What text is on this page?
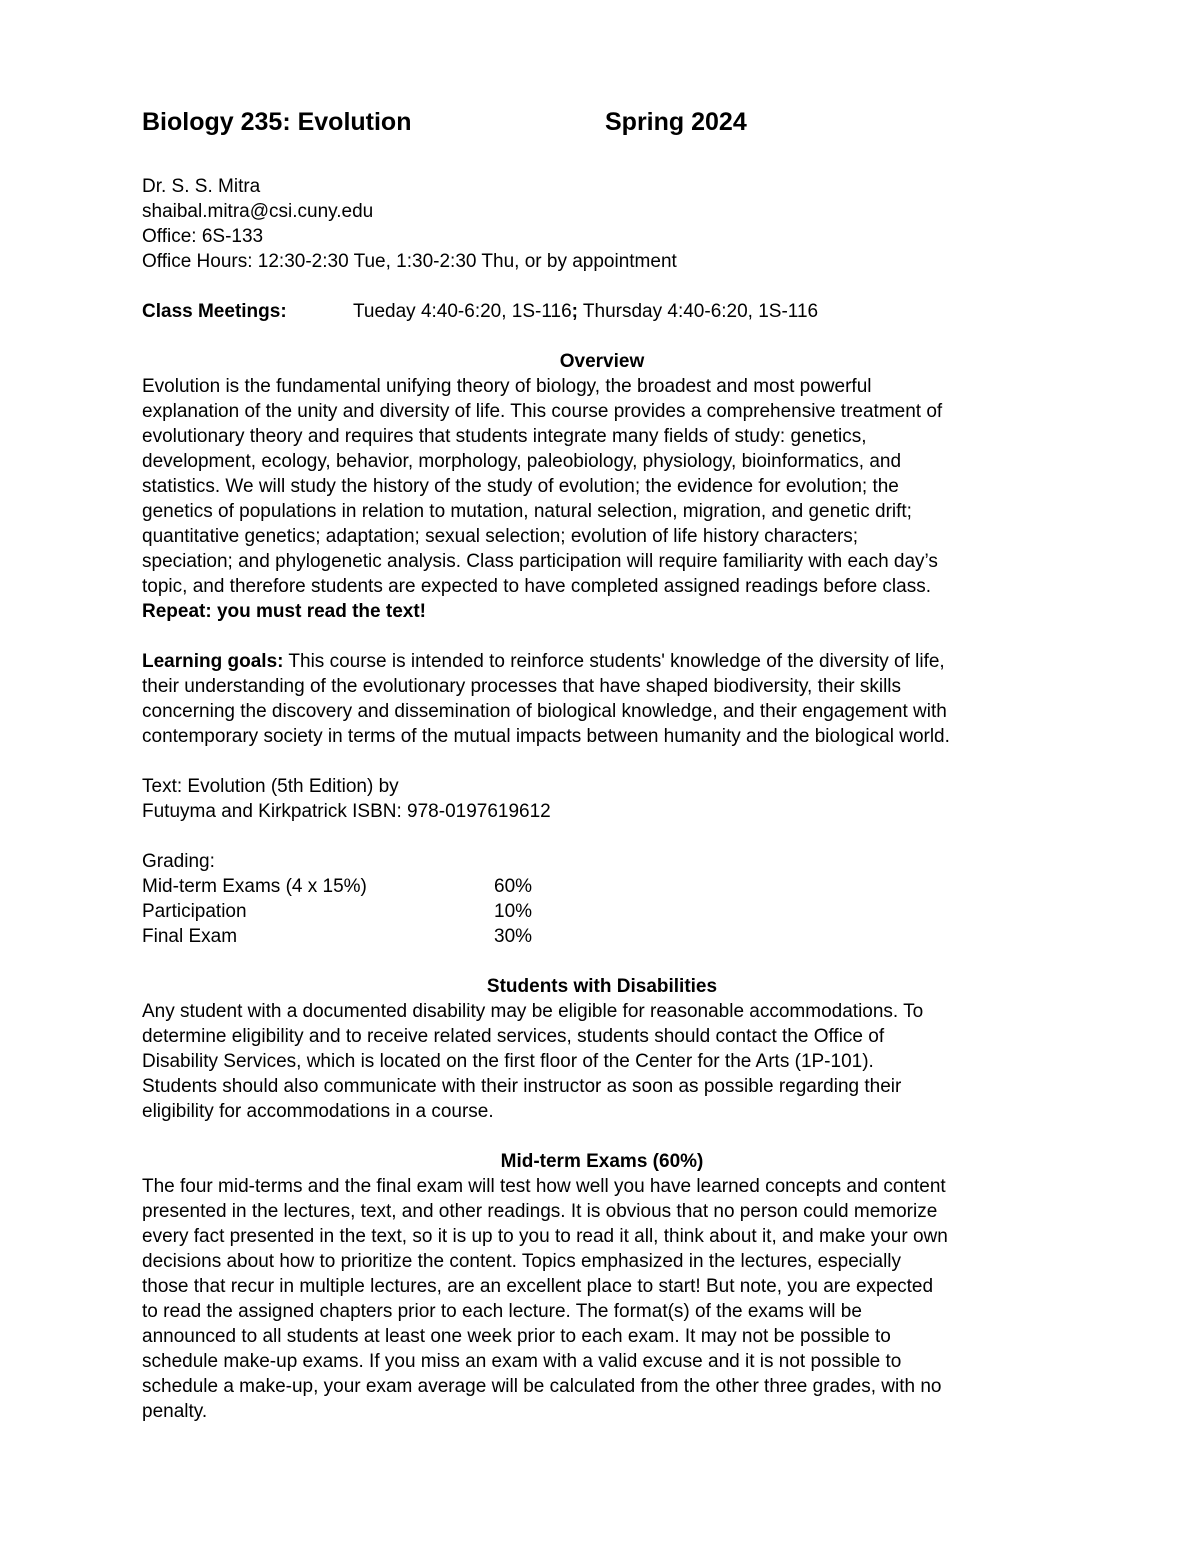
Biology 235: Evolution	Spring 2024
Dr. S. S. Mitra
shaibal.mitra@csi.cuny.edu
Office: 6S-133
Office Hours: 12:30-2:30 Tue, 1:30-2:30 Thu, or by appointment
Class Meetings:	Tueday 4:40-6:20, 1S-116; Thursday 4:40-6:20, 1S-116
Overview
Evolution is the fundamental unifying theory of biology, the broadest and most powerful
explanation of the unity and diversity of life. This course provides a comprehensive treatment of
evolutionary theory and requires that students integrate many fields of study: genetics,
development, ecology, behavior, morphology, paleobiology, physiology, bioinformatics, and
statistics. We will study the history of the study of evolution; the evidence for evolution; the
genetics of populations in relation to mutation, natural selection, migration, and genetic drift;
quantitative genetics; adaptation; sexual selection; evolution of life history characters;
speciation; and phylogenetic analysis. Class participation will require familiarity with each day’s
topic, and therefore students are expected to have completed assigned readings before class.
Repeat: you must read the text!
Learning goals: This course is intended to reinforce students' knowledge of the diversity of life,
their understanding of the evolutionary processes that have shaped biodiversity, their skills
concerning the discovery and dissemination of biological knowledge, and their engagement with
contemporary society in terms of the mutual impacts between humanity and the biological world.
Text: Evolution (5th Edition) by
Futuyma and Kirkpatrick ISBN: 978-0197619612
Grading:
Mid-term Exams (4 x 15%)	60%
Participation	10%
Final Exam	30%
Students with Disabilities
Any student with a documented disability may be eligible for reasonable accommodations. To
determine eligibility and to receive related services, students should contact the Office of
Disability Services, which is located on the first floor of the Center for the Arts (1P-101).
Students should also communicate with their instructor as soon as possible regarding their
eligibility for accommodations in a course.
Mid-term Exams (60%)
The four mid-terms and the final exam will test how well you have learned concepts and content
presented in the lectures, text, and other readings. It is obvious that no person could memorize
every fact presented in the text, so it is up to you to read it all, think about it, and make your own
decisions about how to prioritize the content. Topics emphasized in the lectures, especially
those that recur in multiple lectures, are an excellent place to start! But note, you are expected
to read the assigned chapters prior to each lecture. The format(s) of the exams will be
announced to all students at least one week prior to each exam. It may not be possible to
schedule make-up exams. If you miss an exam with a valid excuse and it is not possible to
schedule a make-up, your exam average will be calculated from the other three grades, with no
penalty.
